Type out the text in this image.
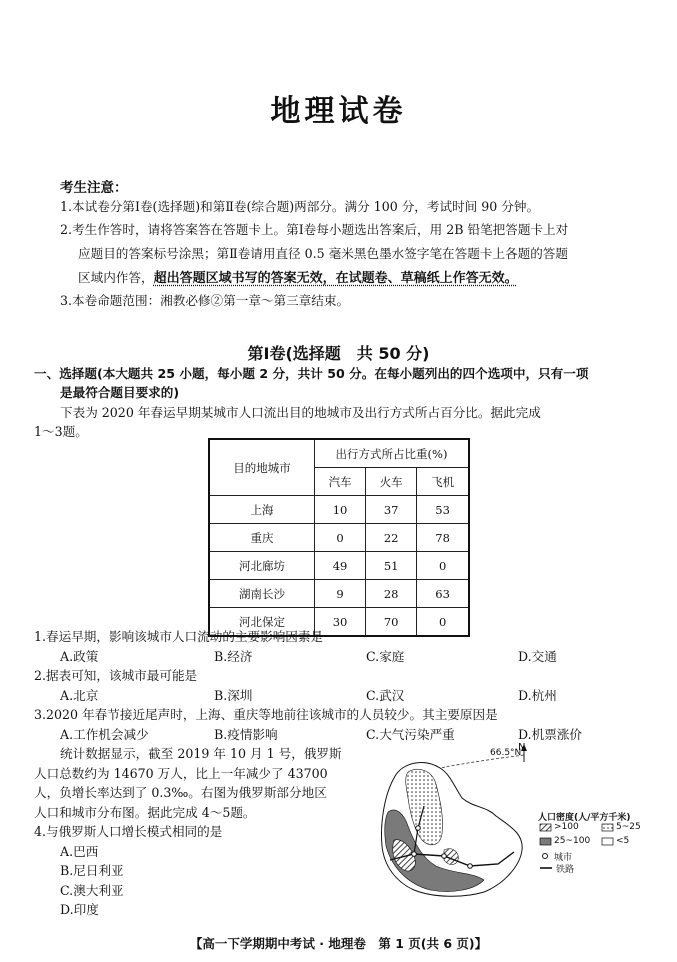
地理试卷
考生注意：
1.本试卷分第Ⅰ卷(选择题)和第Ⅱ卷(综合题)两部分。满分 100 分，考试时间 90 分钟。
2.考生作答时，请将答案答在答题卡上。第Ⅰ卷每小题选出答案后，用 2B 铅笔把答题卡上对
应题目的答案标号涂黑；第Ⅱ卷请用直径 0.5 毫米黑色墨水签字笔在答题卡上各题的答题
区域内作答，超出答题区域书写的答案无效，在试题卷、草稿纸上作答无效。
3.本卷命题范围：湘教必修②第一章～第三章结束。
第Ⅰ卷(选择题　共 50 分)
一、选择题(本大题共 25 小题，每小题 2 分，共计 50 分。在每小题列出的四个选项中，只有一项
是最符合题目要求的)
下表为 2020 年春运早期某城市人口流出目的地城市及出行方式所占百分比。据此完成
1～3题。
目的地城市	出行方式所占比重(%)		
	汽车	火车	飞机
上海	10	37	53
重庆	0	22	78
河北廊坊	49	51	0
湖南长沙	9	28	63
河北保定	30	70	0
1.春运早期，影响该城市人口流动的主要影响因素是
A.政策	B.经济	C.家庭	D.交通
2.据表可知，该城市最可能是
A.北京	B.深圳	C.武汉	D.杭州
3.2020 年春节接近尾声时，上海、重庆等地前往该城市的人员较少。其主要原因是
A.工作机会减少	B.疫情影响	C.大气污染严重	D.机票涨价
统计数据显示，截至 2019 年 10 月 1 号，俄罗斯
人口总数约为 14670 万人，比上一年减少了 43700
人，负增长率达到了 0.3‰。右图为俄罗斯部分地区
人口和城市分布图。据此完成 4～5题。
4.与俄罗斯人口增长模式相同的是
A.巴西
B.尼日利亚
C.澳大利亚
D.印度
N
66.5°N
人口密度(人/平方千米)
>100	5~25
25~100	<5
城市
铁路
【高一下学期期中考试 · 地理卷　第 1 页(共 6 页)】
